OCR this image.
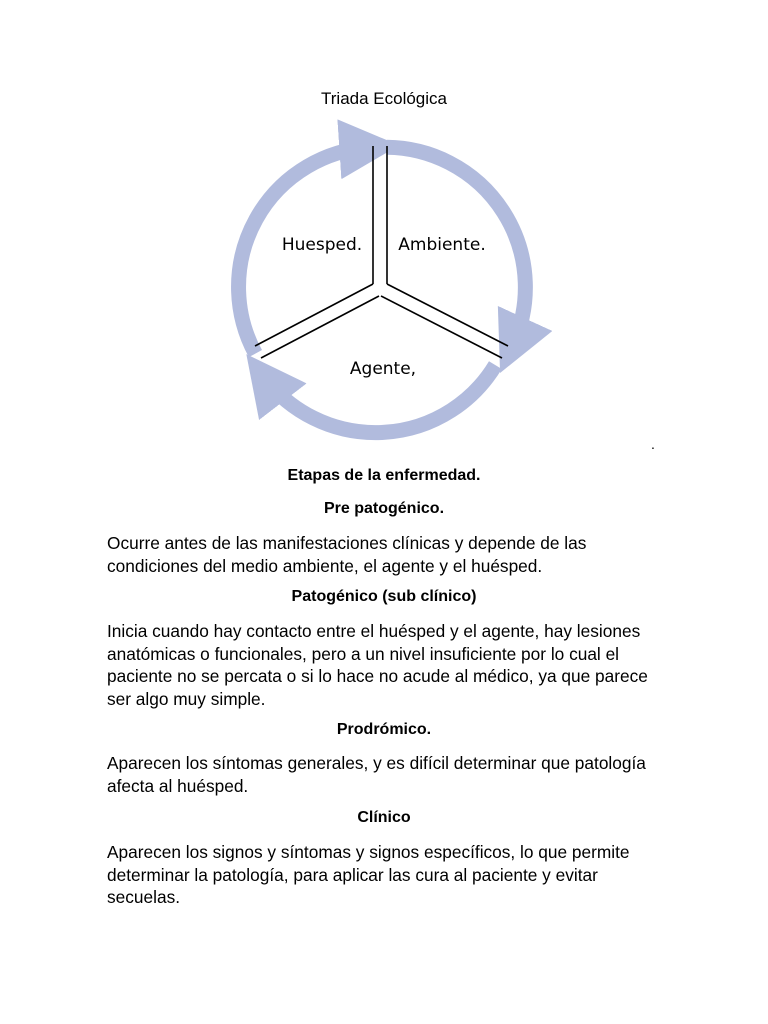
Triada Ecológica
Huesped. Ambiente.
Agente,
.
Etapas de la enfermedad.
Pre patogénico.

Ocurre antes de las manifestaciones clínicas y depende de las condiciones del medio ambiente, el agente y el huésped.

Patogénico (sub clínico)

Inicia cuando hay contacto entre el huésped y el agente, hay lesiones anatómicas o funcionales, pero a un nivel insuficiente por lo cual el paciente no se percata o si lo hace no acude al médico, ya que parece ser algo muy simple.

Prodrómico.

Aparecen los síntomas generales, y es difícil determinar que patología afecta al huésped.

Clínico

Aparecen los signos y síntomas y signos específicos, lo que permite determinar la patología, para aplicar las cura al paciente y evitar secuelas.
